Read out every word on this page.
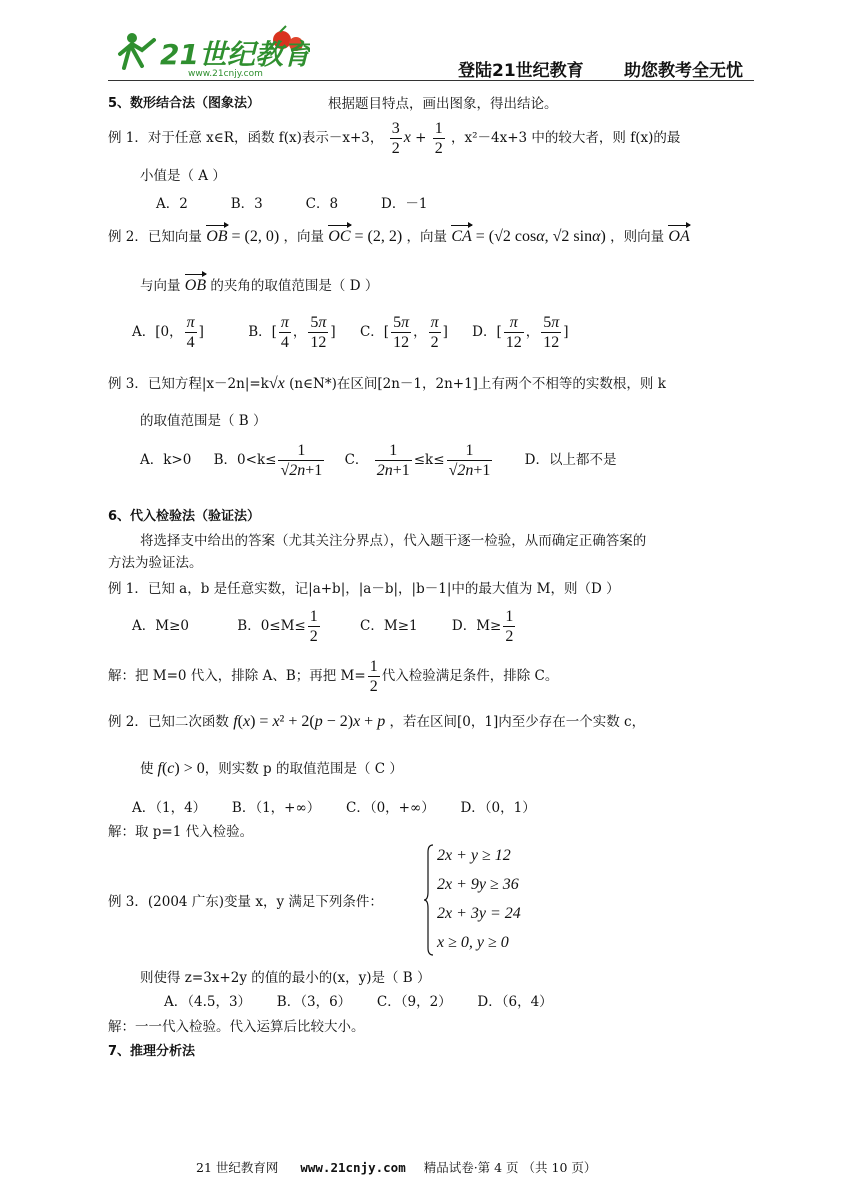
21世纪教育
www.21cnjy.com	登陆21世纪教育 助您教考全无忧
5、数形结合法（图象法）	根据题目特点，画出图象，得出结论。
例 1．对于任意 x∈R，函数 f(x)表示－x+3， $\frac{3}{2}$ $x + \frac{1}{2}$ ，x²－4x+3 中的较大者，则 f(x)的最
小值是（ A ）
A．2          B．3          C．8          D．－1
例 2．已知向量 OB = (2, 0) ，向量 OC = (2, 2) ，向量 CA = (√2 cosα, √2 sinα) ，则向量 OA
与向量 OB 的夹角的取值范围是（ D ）
A．[0， $\frac{\pi}{4}$ ]	B．[ $\frac{\pi}{4}$ ， $\frac{5\pi}{12}$ ] C．[ $\frac{5\pi}{12}$ ， $\frac{\pi}{2}$ ] D．[ $\frac{\pi}{12}$ ， $\frac{5\pi}{12}$ ]
例 3．已知方程|x－2n|=k√x (n∈N*)在区间[2n－1，2n+1]上有两个不相等的实数根，则 k
的取值范围是（ B ）
A．k>0 B．$0<k\le \frac{1}{√2n+1}$ C． $\frac{1}{2n+1} \le k\le \frac{1}{√2n+1}$ D．以上都不是
6、代入检验法（验证法）
将选择支中给出的答案（尤其关注分界点），代入题干逐一检验，从而确定正确答案的
方法为验证法。
例 1．已知 a，b 是任意实数，记|a+b|，|a－b|，|b－1|中的最大值为 M，则（D ）
A．M≥0	B．$0\le M\le \frac{1}{2}$	C．M≥1	D．$M\ge \frac{1}{2}$
解：把 M=0 代入，排除 A、B；再把 $M= \frac{1}{2}$ 代入检验满足条件，排除 C。
例 2．已知二次函数 f(x) = x² + 2(p − 2)x + p ，若在区间[0，1]内至少存在一个实数 c，
使 f(c) > 0，则实数 p 的取值范围是（ C ）
A．（1，4）      B．（1，+∞）      C．（0，+∞）      D．（0，1）
解：取 p=1 代入检验。
例 3．(2004 广东)变量 x，y 满足下列条件：
2x + y ≥ 12
2x + 9y ≥ 36
2x + 3y = 24
x ≥ 0, y ≥ 0
则使得 z=3x+2y 的值的最小的(x，y)是（ B ）
A．（4.5，3）      B．（3，6）      C．（9，2）      D．（6，4）
解：一一代入检验。代入运算后比较大小。
7、推理分析法
21 世纪教育网 www.21cnjy.com 精品试卷·第 4 页 （共 10 页）
